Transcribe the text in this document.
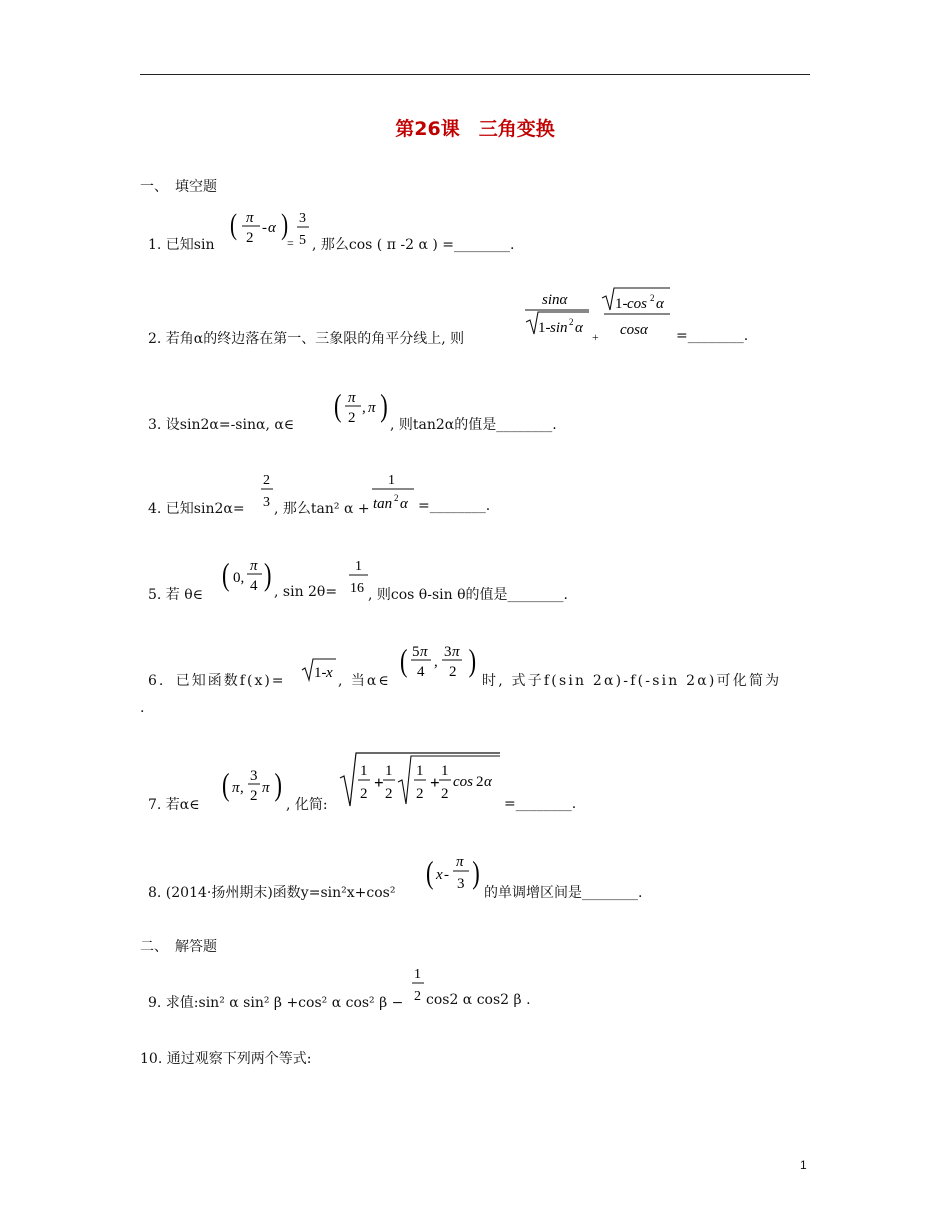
第26课　三角变换
一、　填空题
1. 已知sin
( π
2
- α )
=
3
5 , 那么cos ( π -2 α ) =________.
2. 若角α的终边落在第一、三象限的角平分线上, 则
sinα
1- sin 2 α
+
1- cos 2 α
cosα =________.
3. 设sin2α=-sinα, α∈
( π
2
, π )
, 则tan2α的值是________.
4. 已知sin2α=
2
3 , 那么tan² α +
1
tan 2 α =________.
5. 若 θ∈
( 0,
π
4 )
, sin 2θ=
1
16 , 则cos θ-sin θ的值是________.
6. 已知函数f(x)= 1- x , 当α∈
( 5 π
4
,
3 π
2 )
时, 式子f(sin 2α)-f(-sin 2α)可化简为
.
7. 若α∈
( π ,
3
2 π )
, 化简:
1
2
+
1
2
1
2
+
1
2
cos 2 α
=________.
8. (2014·扬州期末)函数y=sin²x+cos²
( x -
π
3 )
的单调增区间是________.
二、　解答题
9. 求值:sin² α sin² β +cos² α cos² β −
1
2 cos2 α cos2 β .
10. 通过观察下列两个等式:
1
